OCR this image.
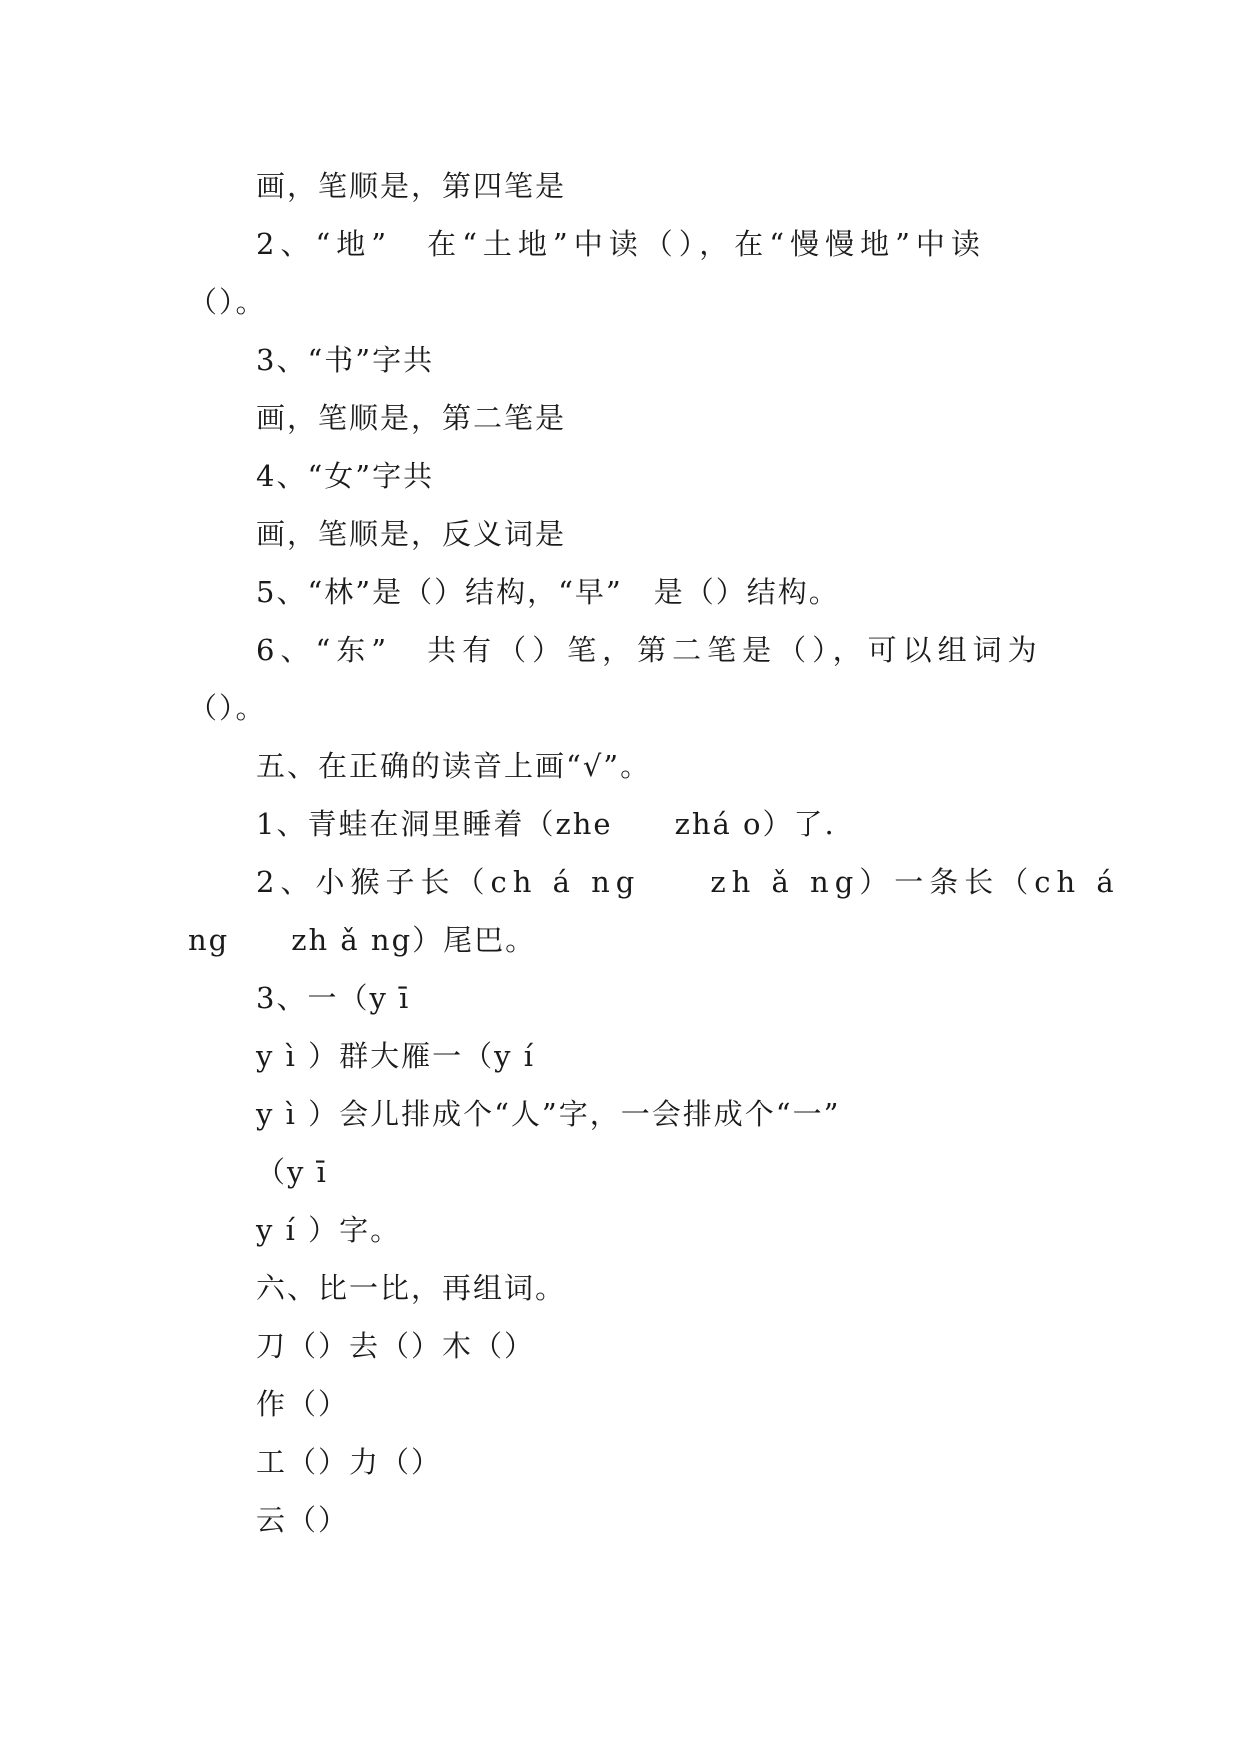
画，笔顺是，第四笔是
2、“地”　在“土地”中读（），在“慢慢地”中读
（）。
3、“书”字共
画，笔顺是，第二笔是
4、“女”字共
画，笔顺是，反义词是
5、“林”是（）结构，“早”　是（）结构。
6、“东”　共有（）笔，第二笔是（），可以组词为
（）。
五、在正确的读音上画“√”。
1、青蛙在洞里睡着（zhe　　zhá o）了.
2、小猴子长（ch á ng　　zh ǎ ng）一条长（ch á
ng　　zh ǎ ng）尾巴。
3、一（y ī
y ì ）群大雁一（y í
y ì ）会儿排成个“人”字，一会排成个“一”
（y ī
y í ）字。
六、比一比，再组词。
刀（）去（）木（）
作（）
工（）力（）
云（）
